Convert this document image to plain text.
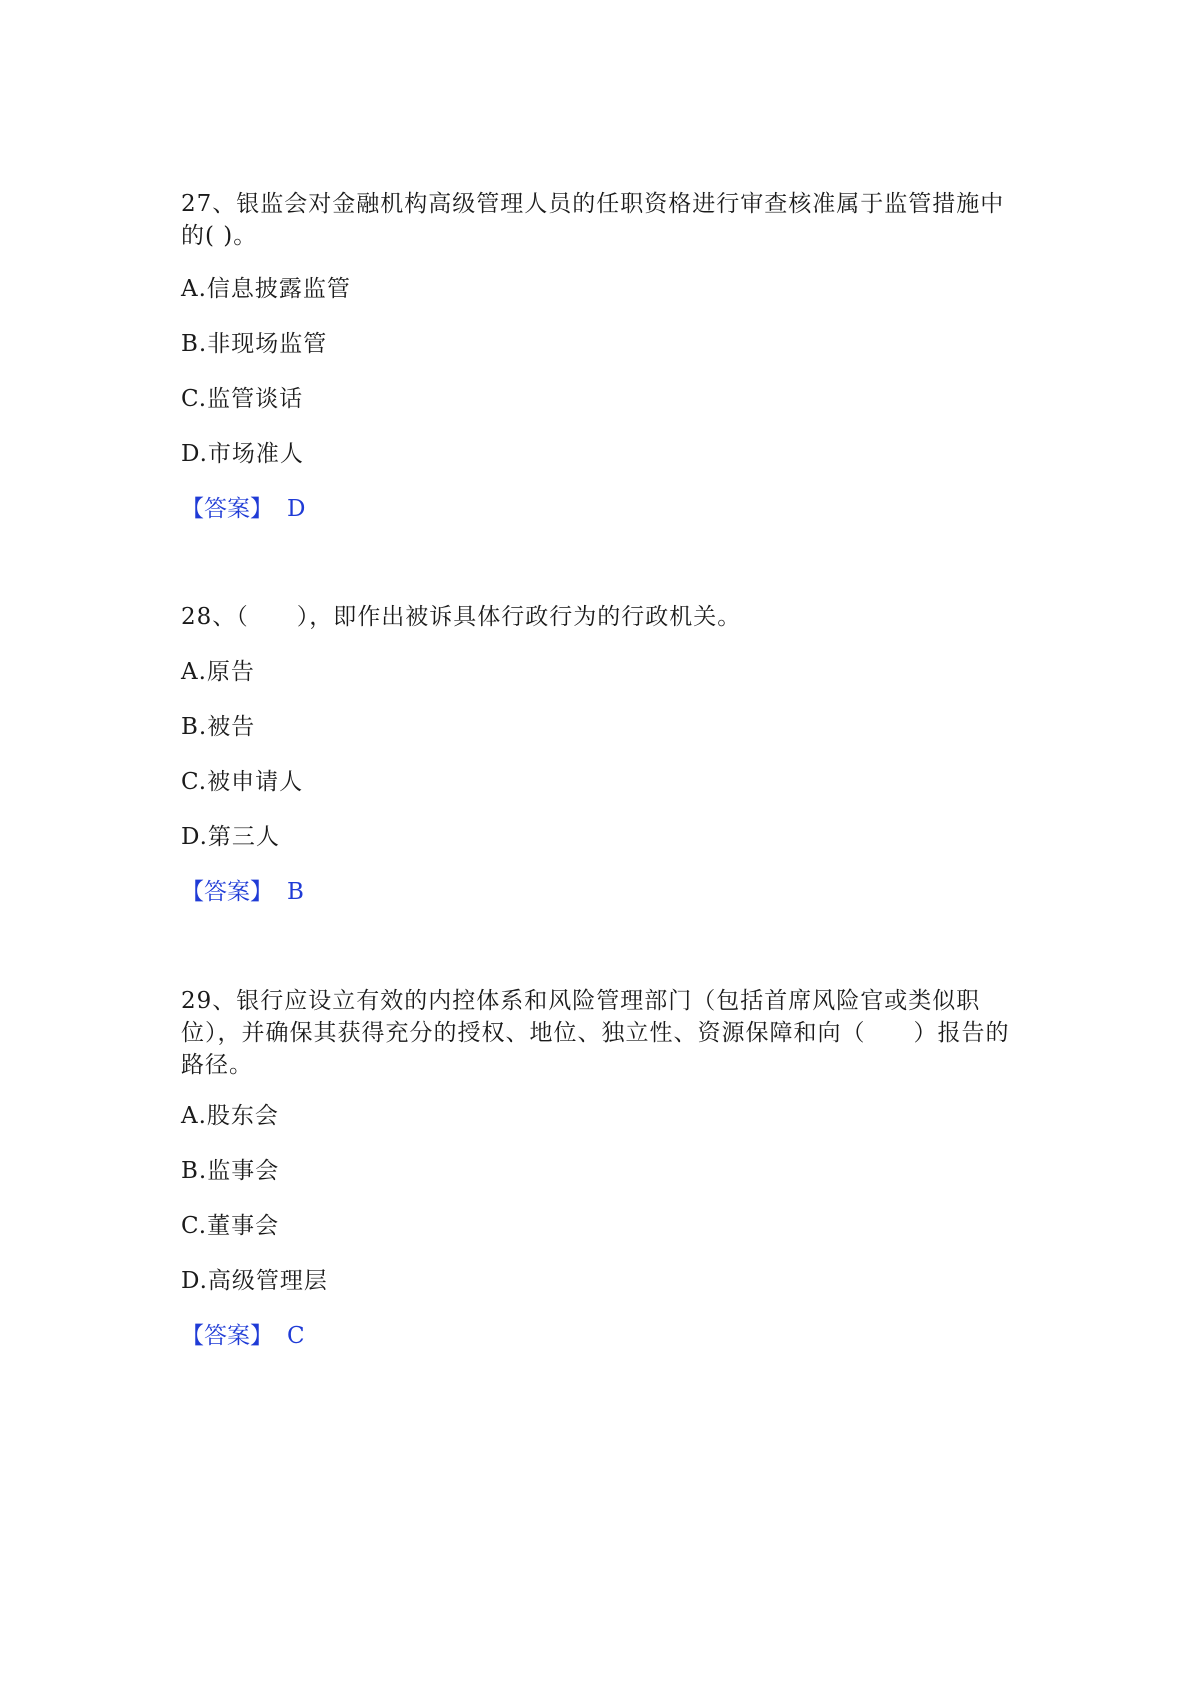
27、银监会对金融机构高级管理人员的任职资格进行审查核准属于监管措施中的( )。

A.信息披露监管

B.非现场监管

C.监管谈话

D.市场准人

【答案】 D

28、（　　），即作出被诉具体行政行为的行政机关。

A.原告

B.被告

C.被申请人

D.第三人

【答案】 B

29、银行应设立有效的内控体系和风险管理部门（包括首席风险官或类似职位），并确保其获得充分的授权、地位、独立性、资源保障和向（　　）报告的路径。

A.股东会

B.监事会

C.董事会

D.高级管理层

【答案】 C
